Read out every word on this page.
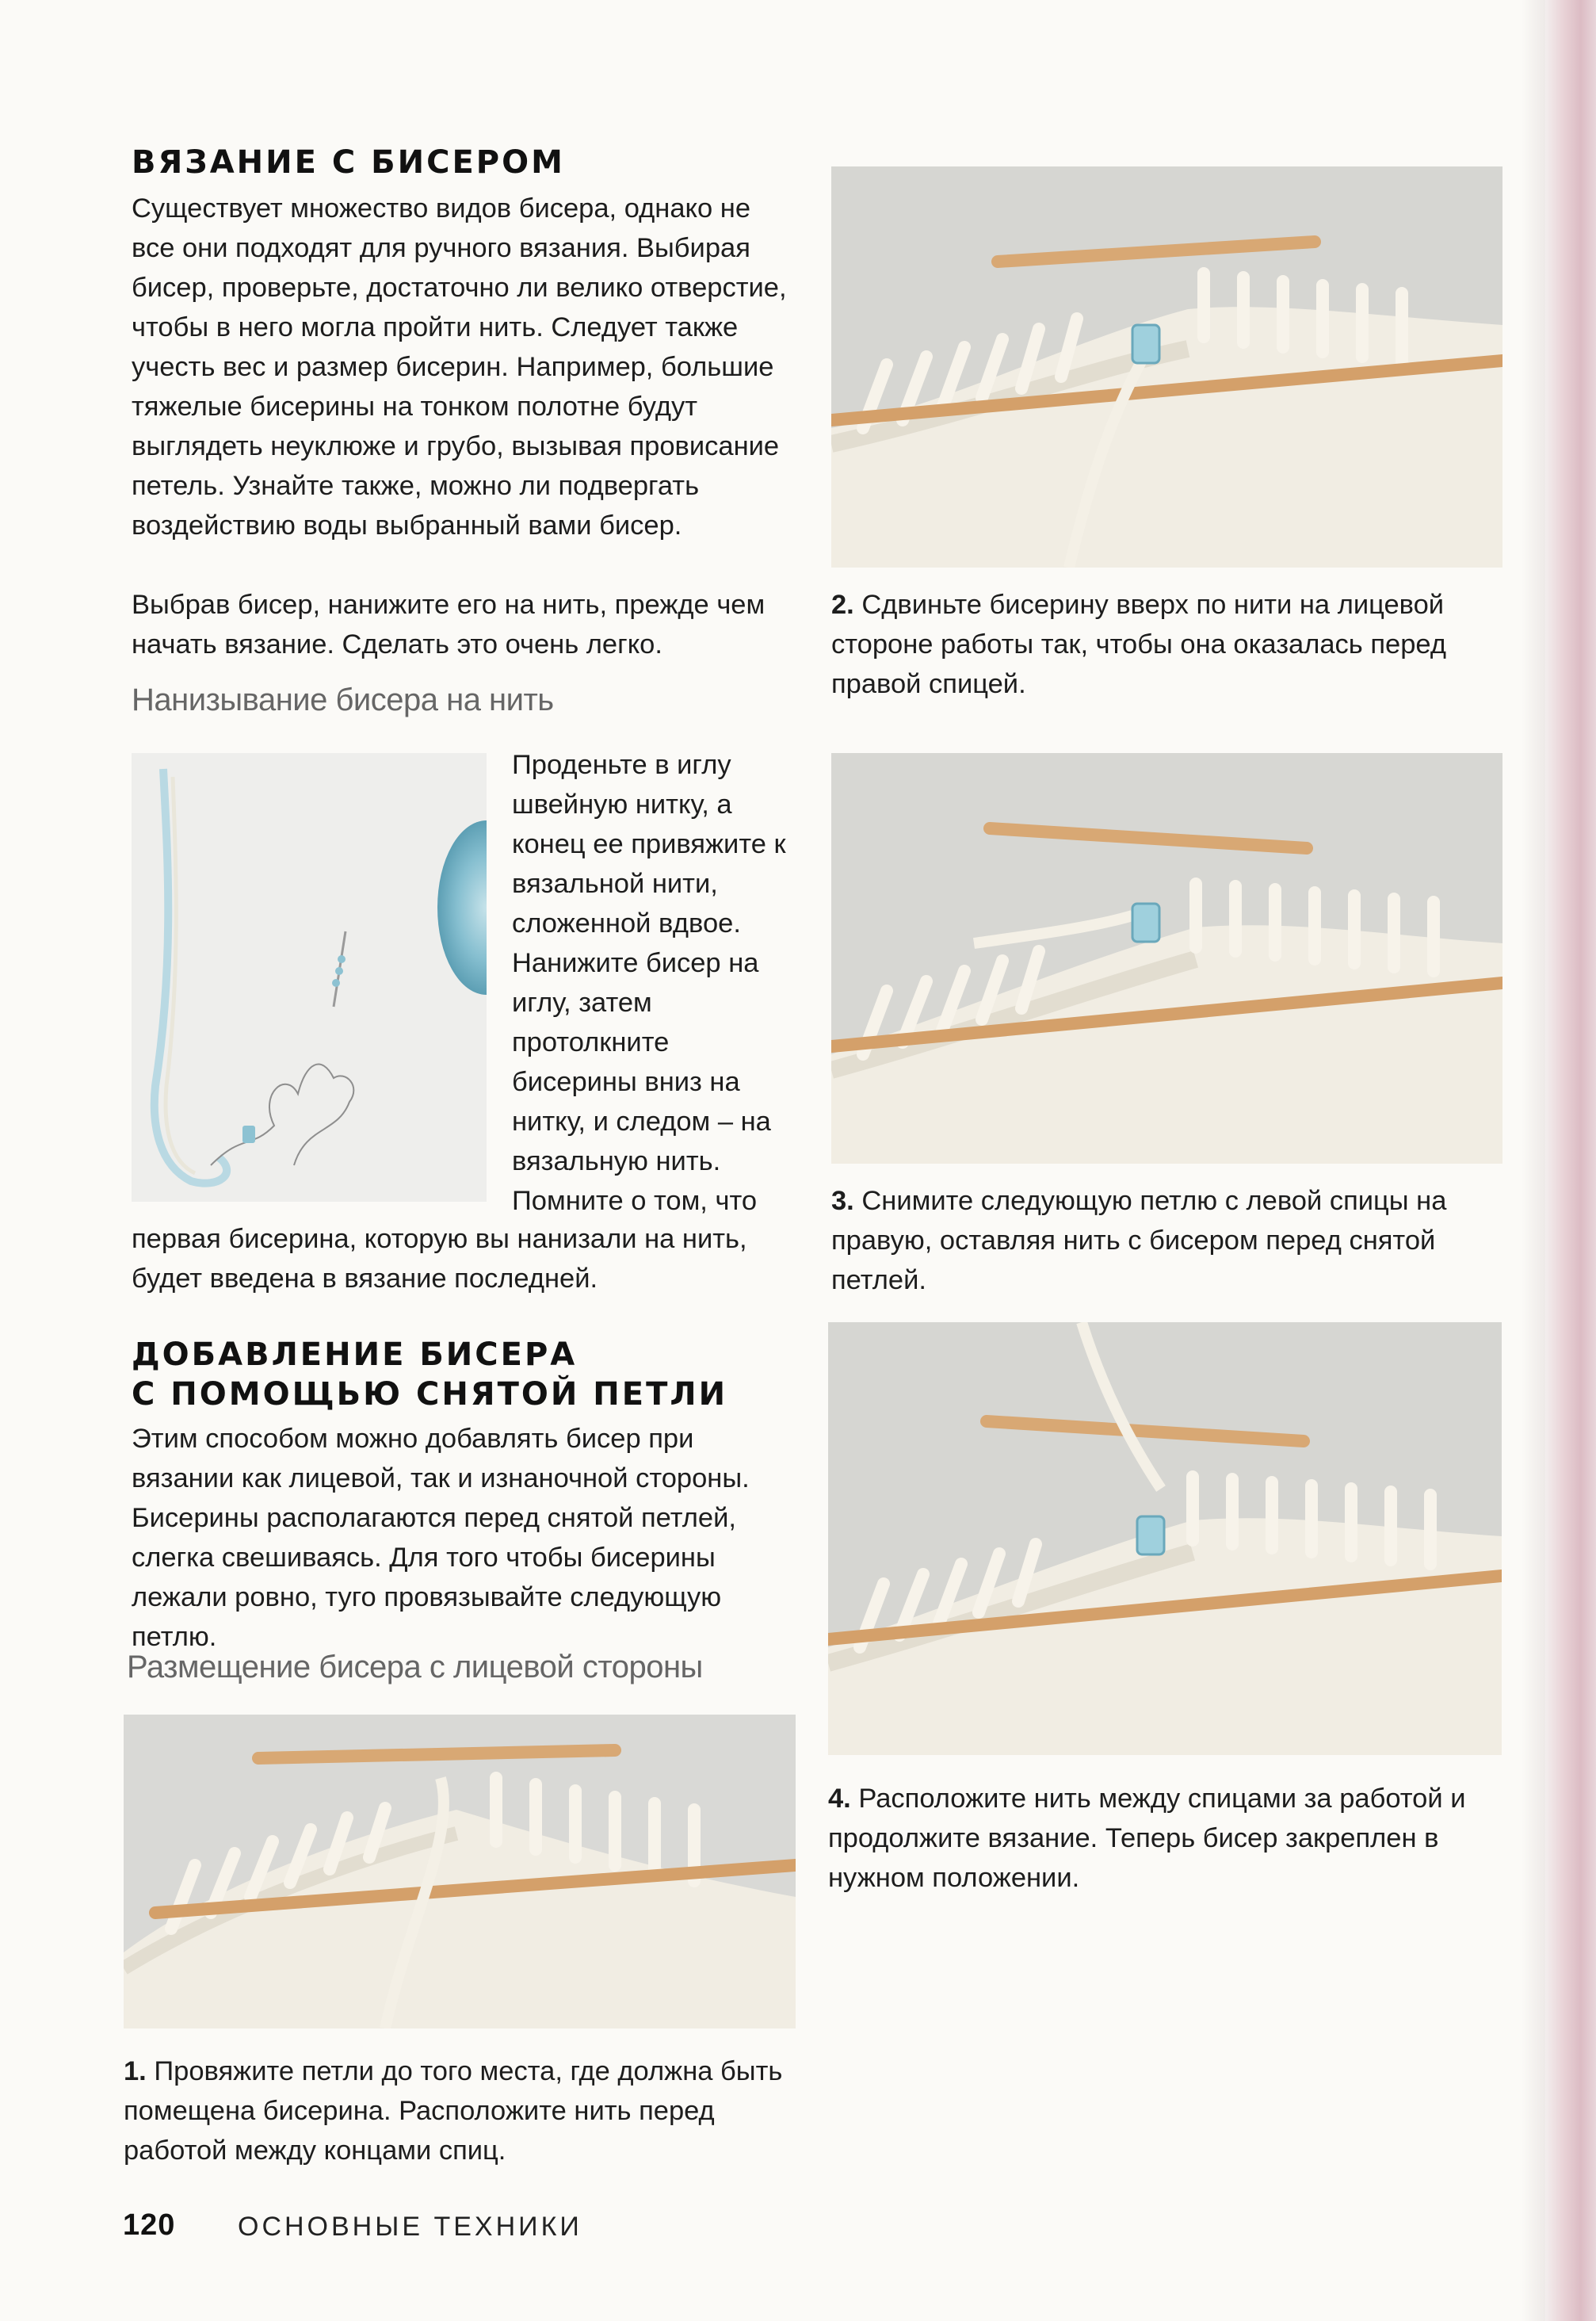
ВЯЗАНИЕ С БИСЕРОМ

Существует множество видов бисера, однако не все они подходят для ручного вязания. Выбирая бисер, проверьте, достаточно ли велико отверстие, чтобы в него могла пройти нить. Следует также учесть вес и размер бисерин. Например, большие тяжелые бисерины на тонком полотне будут выглядеть неуклюже и грубо, вызывая провисание петель. Узнайте также, можно ли подвергать воздействию воды выбранный вами бисер.

Выбрав бисер, нанижите его на нить, прежде чем начать вязание. Сделать это очень легко.

Нанизывание бисера на нить

Проденьте в иглу швейную нитку, а конец ее привяжите к вязальной нити, сложенной вдвое. Нанижите бисер на иглу, затем протолкните бисерины вниз на нитку, и следом – на вязальную нить. Помните о том, что

первая бисерина, которую вы нанизали на нить, будет введена в вязание последней.

ДОБАВЛЕНИЕ БИСЕРА
С ПОМОЩЬЮ СНЯТОЙ ПЕТЛИ

Этим способом можно добавлять бисер при вязании как лицевой, так и изнаночной стороны. Бисерины располагаются перед снятой петлей, слегка свешиваясь. Для того чтобы бисерины лежали ровно, туго провязывайте следующую петлю.

Размещение бисера с лицевой стороны

1. Провяжите петли до того места, где должна быть помещена бисерина. Расположите нить перед работой между концами спиц.

2. Сдвиньте бисерину вверх по нити на лицевой стороне работы так, чтобы она оказалась перед правой спицей.

3. Снимите следующую петлю с левой спицы на правую, оставляя нить с бисером перед снятой петлей.

4. Расположите нить между спицами за работой и продолжите вязание. Теперь бисер закреплен в нужном положении.

120 ОСНОВНЫЕ ТЕХНИКИ
